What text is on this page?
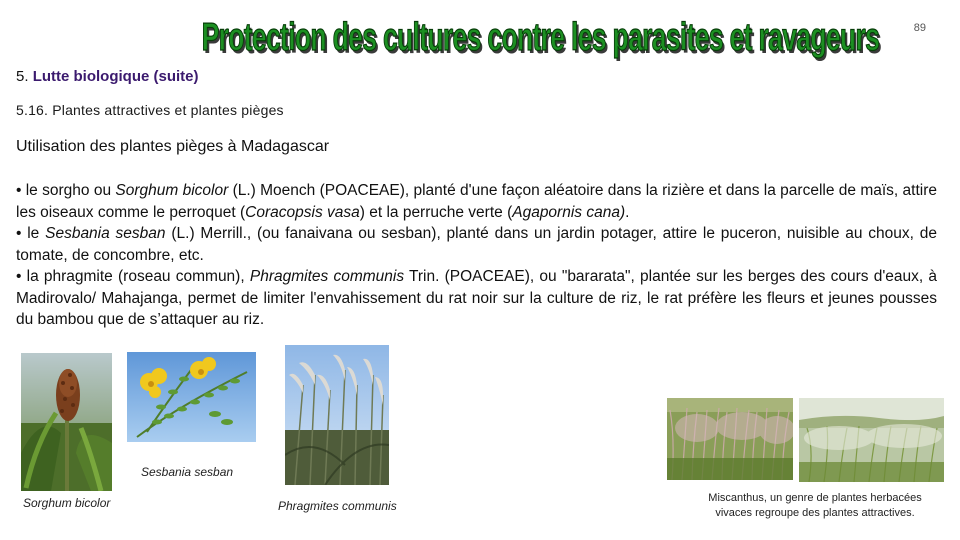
Protection des cultures contre les parasites et ravageurs	89
5. Lutte biologique (suite)
5.16. Plantes attractives et plantes pièges
Utilisation des plantes pièges à Madagascar

• le sorgho ou Sorghum bicolor (L.) Moench (POACEAE), planté d'une façon aléatoire dans la rizière et dans la parcelle de maïs, attire les oiseaux comme le perroquet (Coracopsis vasa) et la perruche verte (Agapornis cana).

• le Sesbania sesban (L.) Merrill., (ou fanaivana ou sesban), planté dans un jardin potager, attire le puceron, nuisible au choux, de tomate, de concombre, etc.

• la phragmite (roseau commun), Phragmites communis Trin. (POACEAE), ou "bararata", plantée sur les berges des cours d'eaux, à Madirovalo/ Mahajanga, permet de limiter l'envahissement du rat noir sur la culture de riz, le rat préfère les fleurs et jeunes pousses du bambou que de s’attaquer au riz.

Sorghum bicolor
Sesbania sesban
Phragmites communis
Miscanthus, un genre de plantes herbacées
vivaces regroupe des plantes attractives.
